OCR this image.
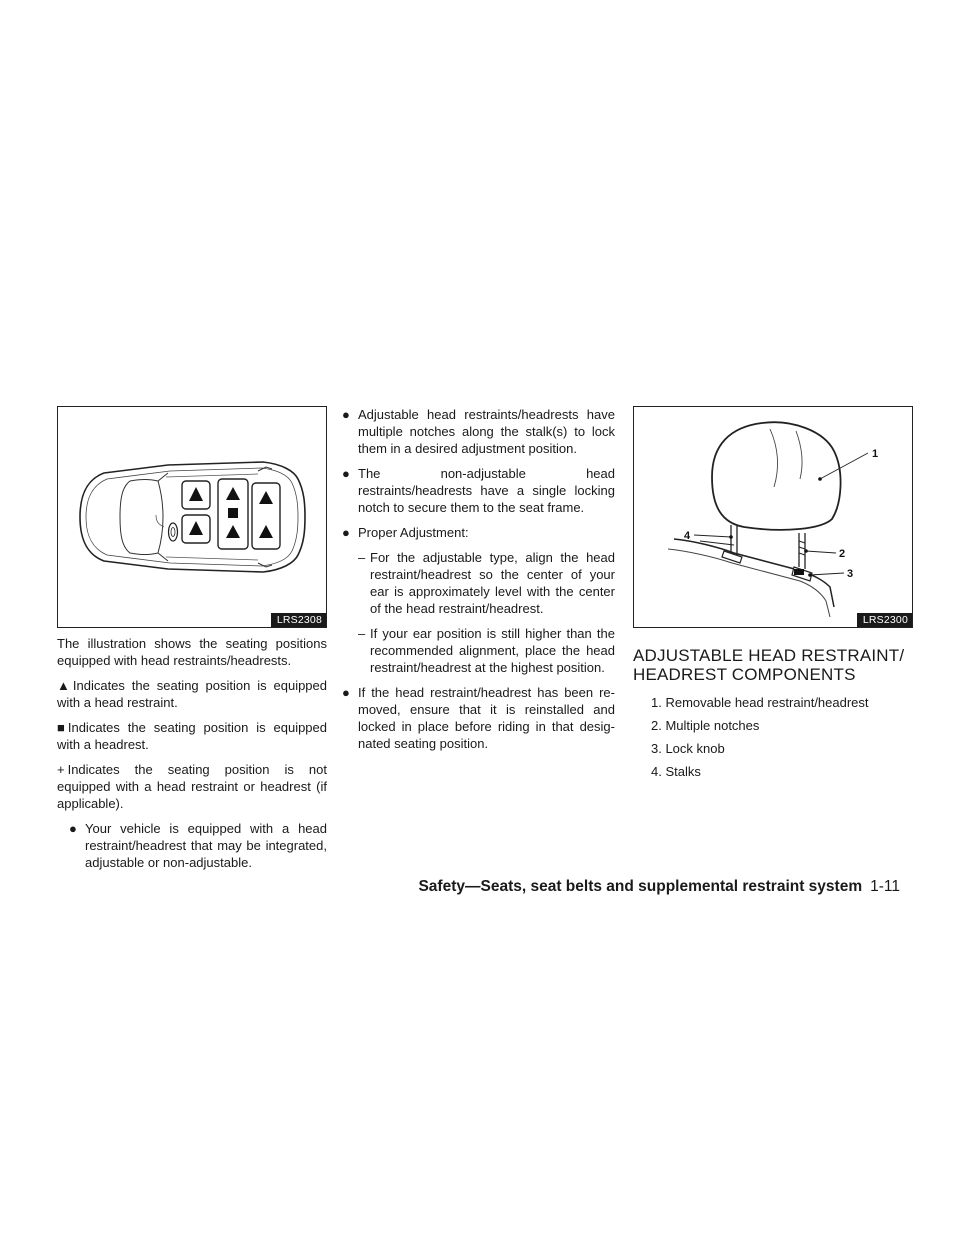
LRS2308
1
2
3
4
LRS2300

The illustration shows the seating positions equipped with head restraints/headrests.

▲ Indicates the seating position is equipped with a head restraint.

■ Indicates the seating position is equipped with a headrest.

+ Indicates the seating position is not equipped with a head restraint or headrest (if applicable).

● Your vehicle is equipped with a head restraint/headrest that may be integrated, adjustable or non-adjustable.
● Adjustable head restraints/headrests have multiple notches along the stalk(s) to lock them in a desired adjustment position.
● The non-adjustable head restraints/headrests have a single locking notch to secure them to the seat frame.
● Proper Adjustment:
– For the adjustable type, align the head restraint/headrest so the center of your ear is approximately level with the center of the head restraint/headrest.
– If your ear position is still higher than the recommended alignment, place the head restraint/headrest at the highest position.
● If the head restraint/headrest has been re-moved, ensure that it is reinstalled and locked in place before riding in that desig-nated seating position.
ADJUSTABLE HEAD RESTRAINT/
HEADREST COMPONENTS
1. Removable head restraint/headrest
2. Multiple notches
3. Lock knob
4. Stalks
Safety—Seats, seat belts and supplemental restraint system 1-11
